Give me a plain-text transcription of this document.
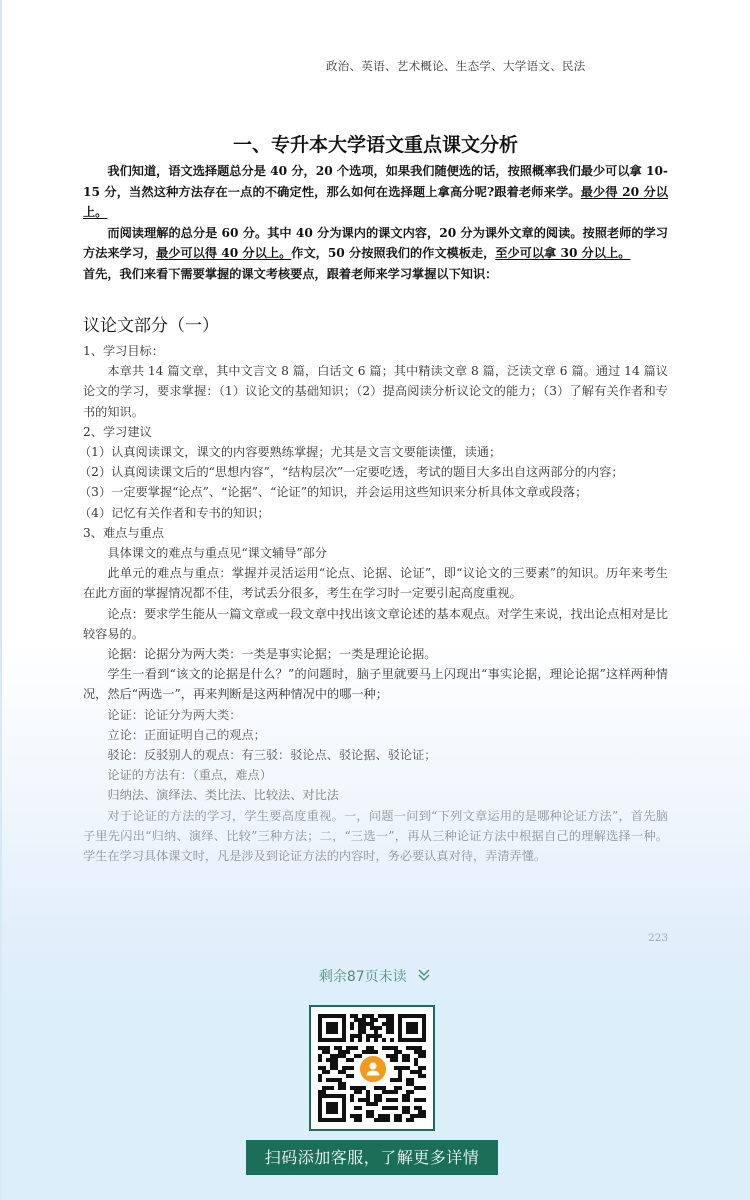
政治、英语、艺术概论、生态学、大学语文、民法
一、专升本大学语文重点课文分析

我们知道，语文选择题总分是 40 分，20 个选项，如果我们随便选的话，按照概率我们最少可以拿 10-15 分，当然这种方法存在一点的不确定性，那么如何在选择题上拿高分呢?跟着老师来学。最少得 20 分以上。

而阅读理解的总分是 60 分。其中 40 分为课内的课文内容，20 分为课外文章的阅读。按照老师的学习方法来学习，最少可以得 40 分以上。作文，50 分按照我们的作文模板走，至少可以拿 30 分以上。
首先，我们来看下需要掌握的课文考核要点，跟着老师来学习掌握以下知识：

议论文部分（一）

1、学习目标：

本章共 14 篇文章，其中文言文 8 篇，白话文 6 篇；其中精读文章 8 篇，泛读文章 6 篇。通过 14 篇议论文的学习，要求掌握：（1）议论文的基础知识；（2）提高阅读分析议论文的能力；（3）了解有关作者和专书的知识。

2、学习建议

（1）认真阅读课文，课文的内容要熟练掌握；尤其是文言文要能读懂，读通；

（2）认真阅读课文后的“思想内容”，“结构层次”一定要吃透，考试的题目大多出自这两部分的内容；

（3）一定要掌握“论点”、“论据”、“论证”的知识，并会运用这些知识来分析具体文章或段落；

（4）记忆有关作者和专书的知识；

3、难点与重点

具体课文的难点与重点见“课文辅导”部分

此单元的难点与重点：掌握并灵活运用“论点、论据、论证”，即“议论文的三要素”的知识。历年来考生在此方面的掌握情况都不佳，考试丢分很多，考生在学习时一定要引起高度重视。

论点：要求学生能从一篇文章或一段文章中找出该文章论述的基本观点。对学生来说，找出论点相对是比较容易的。

论据：论据分为两大类：一类是事实论据；一类是理论论据。

学生一看到“该文的论据是什么？”的问题时，脑子里就要马上闪现出“事实论据，理论论据”这样两种情况，然后“两选一”，再来判断是这两种情况中的哪一种；

论证：论证分为两大类：

立论：正面证明自己的观点；

驳论：反驳别人的观点：有三驳：驳论点、驳论据、驳论证；

论证的方法有：（重点，难点）

归纳法、演绎法、类比法、比较法、对比法

对于论证的方法的学习，学生要高度重视。一，问题一问到“下列文章运用的是哪种论证方法”，首先脑子里先闪出“归纳、演绎、比较”三种方法；二，“三选一”，再从三种论证方法中根据自己的理解选择一种。学生在学习具体课文时，凡是涉及到论证方法的内容时，务必要认真对待，弄清弄懂。

223
剩余87页未读
扫码添加客服，了解更多详情
